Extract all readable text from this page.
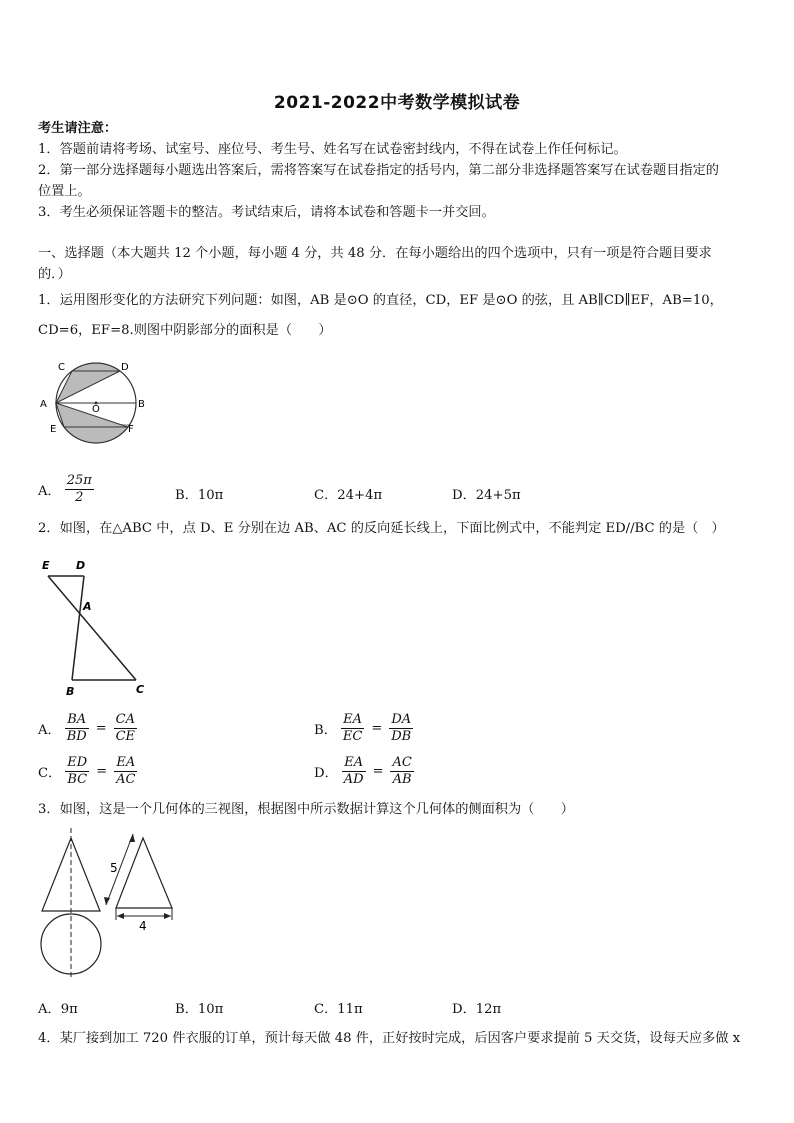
2021-2022中考数学模拟试卷
考生请注意：
1．答题前请将考场、试室号、座位号、考生号、姓名写在试卷密封线内，不得在试卷上作任何标记。
2．第一部分选择题每小题选出答案后，需将答案写在试卷指定的括号内，第二部分非选择题答案写在试卷题目指定的
位置上。
3．考生必须保证答题卡的整洁。考试结束后，请将本试卷和答题卡一并交回。
一、选择题（本大题共 12 个小题，每小题 4 分，共 48 分．在每小题给出的四个选项中，只有一项是符合题目要求
的．）
1．运用图形变化的方法研究下列问题：如图，AB 是⊙O 的直径，CD，EF 是⊙O 的弦，且 AB∥CD∥EF，AB=10，
CD=6，EF=8.则图中阴影部分的面积是（　　）
C	D
A	O	B
E	F
A． $\frac{25\pi}{2}$	B．10π	C．24+4π	D．24+5π
2．如图，在△ABC 中，点 D、E 分别在边 AB、AC 的反向延长线上，下面比例式中，不能判定 ED//BC 的是（　）
E D
A
B	C
A． $\frac{BA}{BD} = \frac{CA}{CE}$	B． $\frac{EA}{EC} = \frac{DA}{DB}$
C． $\frac{ED}{BC} = \frac{EA}{AC}$	D． $\frac{EA}{AD} = \frac{AC}{AB}$
3．如图，这是一个几何体的三视图，根据图中所示数据计算这个几何体的侧面积为（　　）
5
4
A．9π	B．10π	C．11π	D．12π
4．某厂接到加工 720 件衣服的订单，预计每天做 48 件，正好按时完成，后因客户要求提前 5 天交货，设每天应多做 x
